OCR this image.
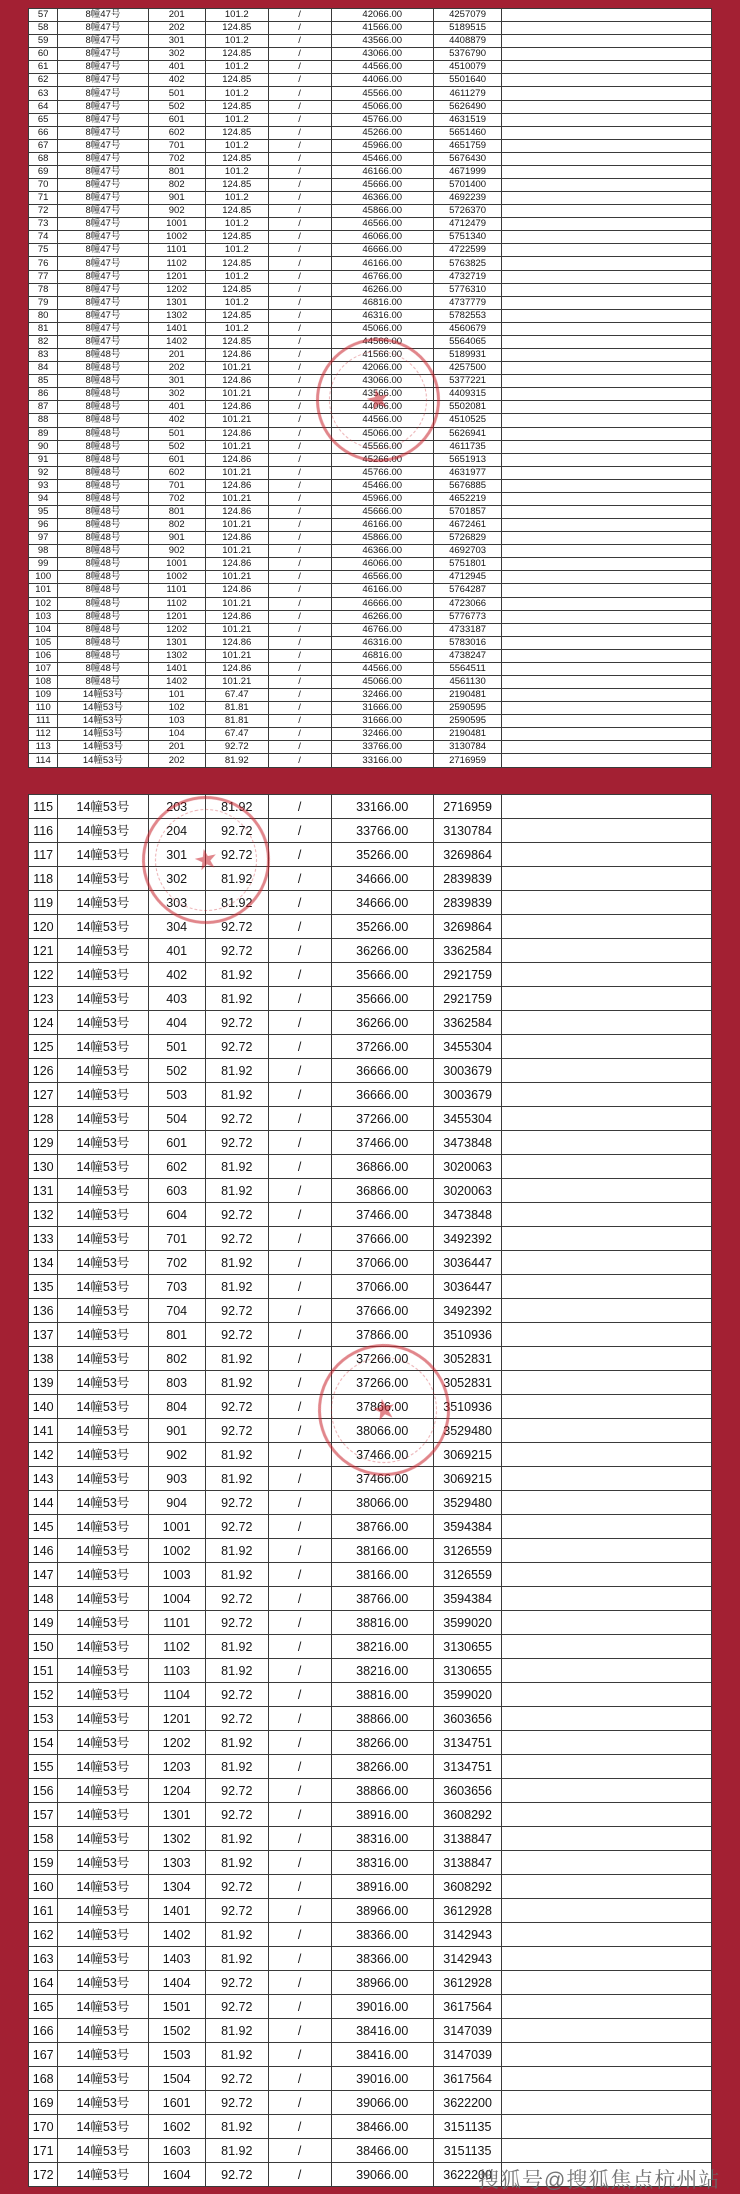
57	8幢47号	201	101.2	/	42066.00	4257079	
58	8幢47号	202	124.85	/	41566.00	5189515	
59	8幢47号	301	101.2	/	43566.00	4408879	
60	8幢47号	302	124.85	/	43066.00	5376790	
61	8幢47号	401	101.2	/	44566.00	4510079	
62	8幢47号	402	124.85	/	44066.00	5501640	
63	8幢47号	501	101.2	/	45566.00	4611279	
64	8幢47号	502	124.85	/	45066.00	5626490	
65	8幢47号	601	101.2	/	45766.00	4631519	
66	8幢47号	602	124.85	/	45266.00	5651460	
67	8幢47号	701	101.2	/	45966.00	4651759	
68	8幢47号	702	124.85	/	45466.00	5676430	
69	8幢47号	801	101.2	/	46166.00	4671999	
70	8幢47号	802	124.85	/	45666.00	5701400	
71	8幢47号	901	101.2	/	46366.00	4692239	
72	8幢47号	902	124.85	/	45866.00	5726370	
73	8幢47号	1001	101.2	/	46566.00	4712479	
74	8幢47号	1002	124.85	/	46066.00	5751340	
75	8幢47号	1101	101.2	/	46666.00	4722599	
76	8幢47号	1102	124.85	/	46166.00	5763825	
77	8幢47号	1201	101.2	/	46766.00	4732719	
78	8幢47号	1202	124.85	/	46266.00	5776310	
79	8幢47号	1301	101.2	/	46816.00	4737779	
80	8幢47号	1302	124.85	/	46316.00	5782553	
81	8幢47号	1401	101.2	/	45066.00	4560679	
82	8幢47号	1402	124.85	/	44566.00	5564065	
83	8幢48号	201	124.86	/	41566.00	5189931	
84	8幢48号	202	101.21	/	42066.00	4257500	
85	8幢48号	301	124.86	/	43066.00	5377221	
86	8幢48号	302	101.21	/	43566.00	4409315	
87	8幢48号	401	124.86	/	44066.00	5502081	
88	8幢48号	402	101.21	/	44566.00	4510525	
89	8幢48号	501	124.86	/	45066.00	5626941	
90	8幢48号	502	101.21	/	45566.00	4611735	
91	8幢48号	601	124.86	/	45266.00	5651913	
92	8幢48号	602	101.21	/	45766.00	4631977	
93	8幢48号	701	124.86	/	45466.00	5676885	
94	8幢48号	702	101.21	/	45966.00	4652219	
95	8幢48号	801	124.86	/	45666.00	5701857	
96	8幢48号	802	101.21	/	46166.00	4672461	
97	8幢48号	901	124.86	/	45866.00	5726829	
98	8幢48号	902	101.21	/	46366.00	4692703	
99	8幢48号	1001	124.86	/	46066.00	5751801	
100	8幢48号	1002	101.21	/	46566.00	4712945	
101	8幢48号	1101	124.86	/	46166.00	5764287	
102	8幢48号	1102	101.21	/	46666.00	4723066	
103	8幢48号	1201	124.86	/	46266.00	5776773	
104	8幢48号	1202	101.21	/	46766.00	4733187	
105	8幢48号	1301	124.86	/	46316.00	5783016	
106	8幢48号	1302	101.21	/	46816.00	4738247	
107	8幢48号	1401	124.86	/	44566.00	5564511	
108	8幢48号	1402	101.21	/	45066.00	4561130	
109	14幢53号	101	67.47	/	32466.00	2190481	
110	14幢53号	102	81.81	/	31666.00	2590595	
111	14幢53号	103	81.81	/	31666.00	2590595	
112	14幢53号	104	67.47	/	32466.00	2190481	
113	14幢53号	201	92.72	/	33766.00	3130784	
114	14幢53号	202	81.92	/	33166.00	2716959	
115	14幢53号	203	81.92	/	33166.00	2716959	
116	14幢53号	204	92.72	/	33766.00	3130784	
117	14幢53号	301	92.72	/	35266.00	3269864	
118	14幢53号	302	81.92	/	34666.00	2839839	
119	14幢53号	303	81.92	/	34666.00	2839839	
120	14幢53号	304	92.72	/	35266.00	3269864	
121	14幢53号	401	92.72	/	36266.00	3362584	
122	14幢53号	402	81.92	/	35666.00	2921759	
123	14幢53号	403	81.92	/	35666.00	2921759	
124	14幢53号	404	92.72	/	36266.00	3362584	
125	14幢53号	501	92.72	/	37266.00	3455304	
126	14幢53号	502	81.92	/	36666.00	3003679	
127	14幢53号	503	81.92	/	36666.00	3003679	
128	14幢53号	504	92.72	/	37266.00	3455304	
129	14幢53号	601	92.72	/	37466.00	3473848	
130	14幢53号	602	81.92	/	36866.00	3020063	
131	14幢53号	603	81.92	/	36866.00	3020063	
132	14幢53号	604	92.72	/	37466.00	3473848	
133	14幢53号	701	92.72	/	37666.00	3492392	
134	14幢53号	702	81.92	/	37066.00	3036447	
135	14幢53号	703	81.92	/	37066.00	3036447	
136	14幢53号	704	92.72	/	37666.00	3492392	
137	14幢53号	801	92.72	/	37866.00	3510936	
138	14幢53号	802	81.92	/	37266.00	3052831	
139	14幢53号	803	81.92	/	37266.00	3052831	
140	14幢53号	804	92.72	/	37866.00	3510936	
141	14幢53号	901	92.72	/	38066.00	3529480	
142	14幢53号	902	81.92	/	37466.00	3069215	
143	14幢53号	903	81.92	/	37466.00	3069215	
144	14幢53号	904	92.72	/	38066.00	3529480	
145	14幢53号	1001	92.72	/	38766.00	3594384	
146	14幢53号	1002	81.92	/	38166.00	3126559	
147	14幢53号	1003	81.92	/	38166.00	3126559	
148	14幢53号	1004	92.72	/	38766.00	3594384	
149	14幢53号	1101	92.72	/	38816.00	3599020	
150	14幢53号	1102	81.92	/	38216.00	3130655	
151	14幢53号	1103	81.92	/	38216.00	3130655	
152	14幢53号	1104	92.72	/	38816.00	3599020	
153	14幢53号	1201	92.72	/	38866.00	3603656	
154	14幢53号	1202	81.92	/	38266.00	3134751	
155	14幢53号	1203	81.92	/	38266.00	3134751	
156	14幢53号	1204	92.72	/	38866.00	3603656	
157	14幢53号	1301	92.72	/	38916.00	3608292	
158	14幢53号	1302	81.92	/	38316.00	3138847	
159	14幢53号	1303	81.92	/	38316.00	3138847	
160	14幢53号	1304	92.72	/	38916.00	3608292	
161	14幢53号	1401	92.72	/	38966.00	3612928	
162	14幢53号	1402	81.92	/	38366.00	3142943	
163	14幢53号	1403	81.92	/	38366.00	3142943	
164	14幢53号	1404	92.72	/	38966.00	3612928	
165	14幢53号	1501	92.72	/	39016.00	3617564	
166	14幢53号	1502	81.92	/	38416.00	3147039	
167	14幢53号	1503	81.92	/	38416.00	3147039	
168	14幢53号	1504	92.72	/	39016.00	3617564	
169	14幢53号	1601	92.72	/	39066.00	3622200	
170	14幢53号	1602	81.92	/	38466.00	3151135	
171	14幢53号	1603	81.92	/	38466.00	3151135	
172	14幢53号	1604	92.72	/	39066.00	3622200	
★
★
★
搜狐号@搜狐焦点杭州站
